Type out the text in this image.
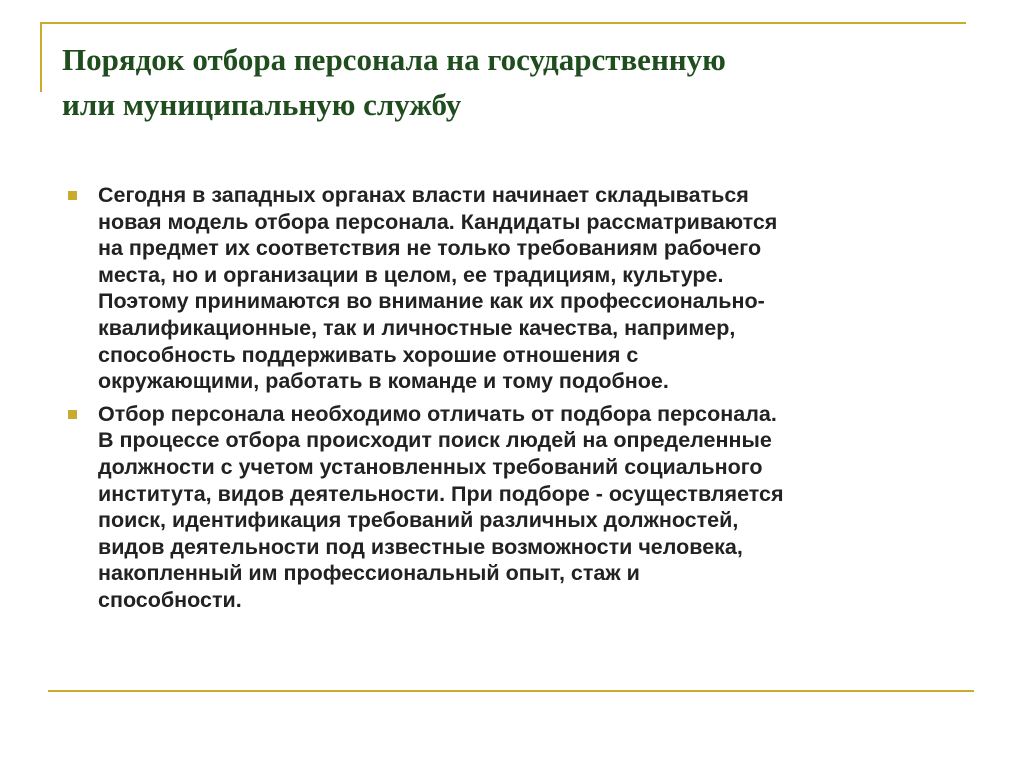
Порядок отбора персонала на государственную
или муниципальную службу
Сегодня в западных органах власти начинает складываться
новая модель отбора персонала. Кандидаты рассматриваются
на предмет их соответствия не только требованиям рабочего
места, но и организации в целом, ее традициям, культуре.
Поэтому принимаются во внимание как их профессионально-
квалификационные, так и личностные качества, например,
способность поддерживать хорошие отношения с
окружающими, работать в команде и тому подобное.
Отбор персонала необходимо отличать от подбора персонала.
В процессе отбора происходит поиск людей на определенные
должности с учетом установленных требований социального
института, видов деятельности. При подборе - осуществляется
поиск, идентификация требований различных должностей,
видов деятельности под известные возможности человека,
накопленный им профессиональный опыт, стаж и
способности.
